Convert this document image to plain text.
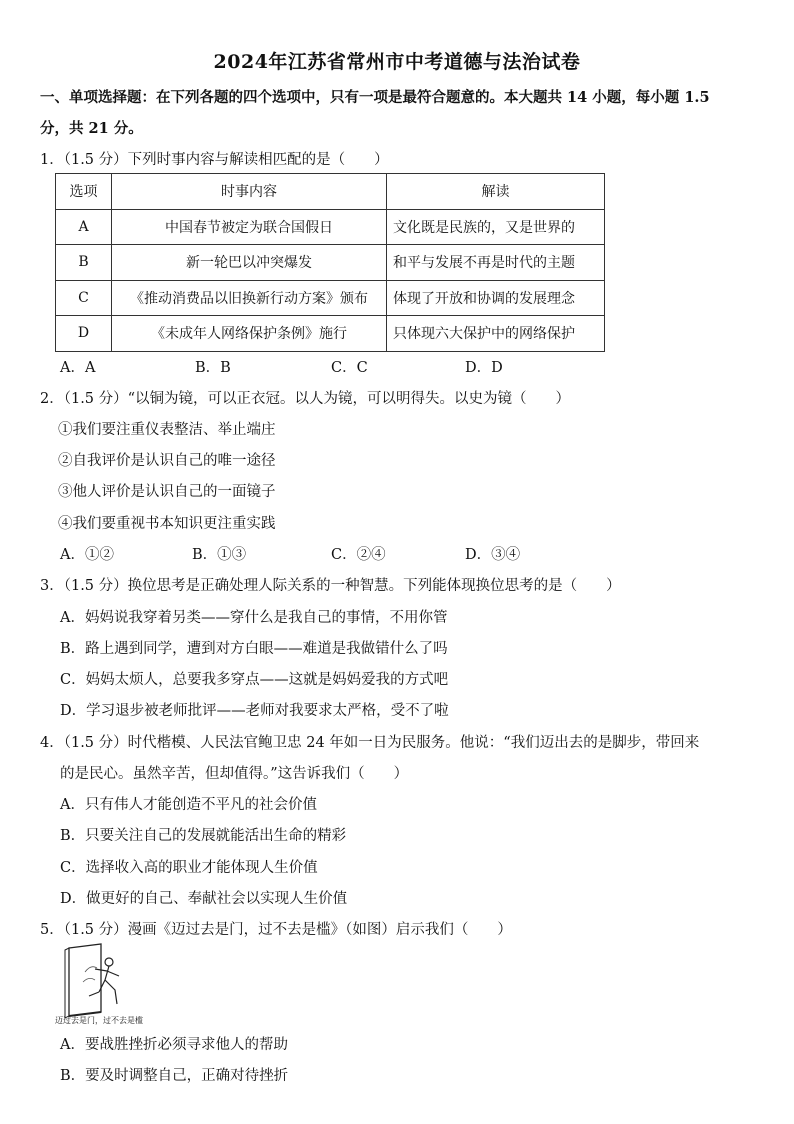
2024年江苏省常州市中考道德与法治试卷
一、单项选择题：在下列各题的四个选项中，只有一项是最符合题意的。本大题共 14 小题，每小题 1.5
分，共 21 分。
1．（1.5 分）下列时事内容与解读相匹配的是（　　）
选项	时事内容	解读
A	中国春节被定为联合国假日	文化既是民族的，又是世界的
B	新一轮巴以冲突爆发	和平与发展不再是时代的主题
C	《推动消费品以旧换新行动方案》颁布	体现了开放和协调的发展理念
D	《未成年人网络保护条例》施行	只体现六大保护中的网络保护
A．A	B．B	C．C	D．D
2．（1.5 分）“以铜为镜，可以正衣冠。以人为镜，可以明得失。以史为镜（　　）
①我们要注重仪表整洁、举止端庄
②自我评价是认识自己的唯一途径
③他人评价是认识自己的一面镜子
④我们要重视书本知识更注重实践
A．①②	B．①③	C．②④	D．③④
3．（1.5 分）换位思考是正确处理人际关系的一种智慧。下列能体现换位思考的是（　　）
A．妈妈说我穿着另类——穿什么是我自己的事情，不用你管
B．路上遇到同学，遭到对方白眼——难道是我做错什么了吗
C．妈妈太烦人，总要我多穿点——这就是妈妈爱我的方式吧
D．学习退步被老师批评——老师对我要求太严格，受不了啦
4．（1.5 分）时代楷模、人民法官鲍卫忠 24 年如一日为民服务。他说：“我们迈出去的是脚步，带回来
的是民心。虽然辛苦，但却值得。”这告诉我们（　　）
A．只有伟人才能创造不平凡的社会价值
B．只要关注自己的发展就能活出生命的精彩
C．选择收入高的职业才能体现人生价值
D．做更好的自己、奉献社会以实现人生价值
5．（1.5 分）漫画《迈过去是门，过不去是槛》（如图）启示我们（　　）
迈过去是门，过不去是槛
A．要战胜挫折必须寻求他人的帮助
B．要及时调整自己，正确对待挫折
